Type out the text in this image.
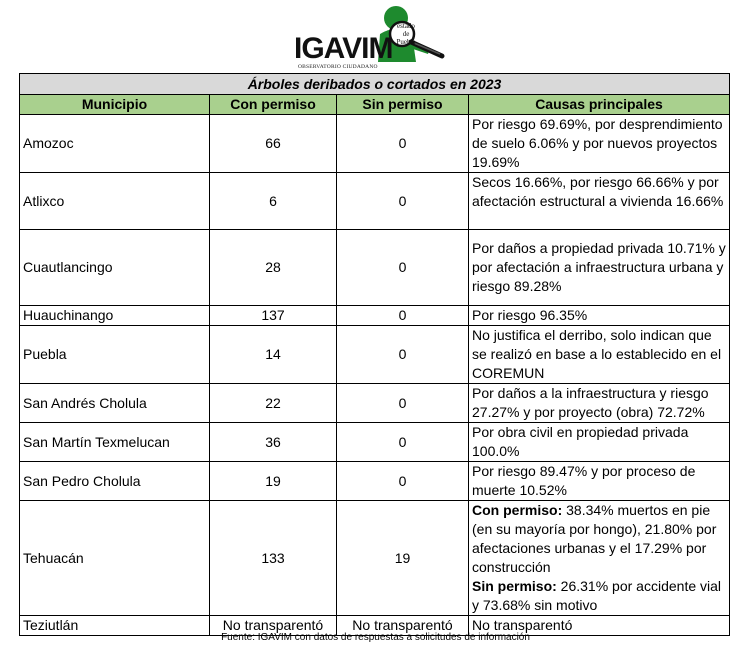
estado de Puebla
IGAVIM
OBSERVATORIO CIUDADANO
Árboles deribados o cortados en 2023			
Municipio	Con permiso	Sin permiso	Causas principales
Amozoc	66	0	Por riesgo 69.69%, por desprendimiento de suelo 6.06% y por nuevos proyectos 19.69%
Atlixco	6	0	Secos 16.66%, por riesgo 66.66% y por afectación estructural a vivienda 16.66%
Cuautlancingo	28	0	Por daños a propiedad privada 10.71% y por afectación a infraestructura urbana y riesgo 89.28%
Huauchinango	137	0	Por riesgo 96.35%
Puebla	14	0	No justifica el derribo, solo indican que se realizó en base a lo establecido en el COREMUN
San Andrés Cholula	22	0	Por daños a la infraestructura y riesgo 27.27% y por proyecto (obra) 72.72%
San Martín Texmelucan	36	0	Por obra civil en propiedad privada 100.0%
San Pedro Cholula	19	0	Por riesgo 89.47% y por proceso de muerte 10.52%
Tehuacán	133	19	Con permiso: 38.34% muertos en pie (en su mayoría por hongo), 21.80% por afectaciones urbanas y el 17.29% por construcción
Sin permiso: 26.31% por accidente vial y 73.68% sin motivo

Teziutlán	No transparentó	No transparentó	No transparentó
Fuente: IGAVIM con datos de respuestas a solicitudes de información
